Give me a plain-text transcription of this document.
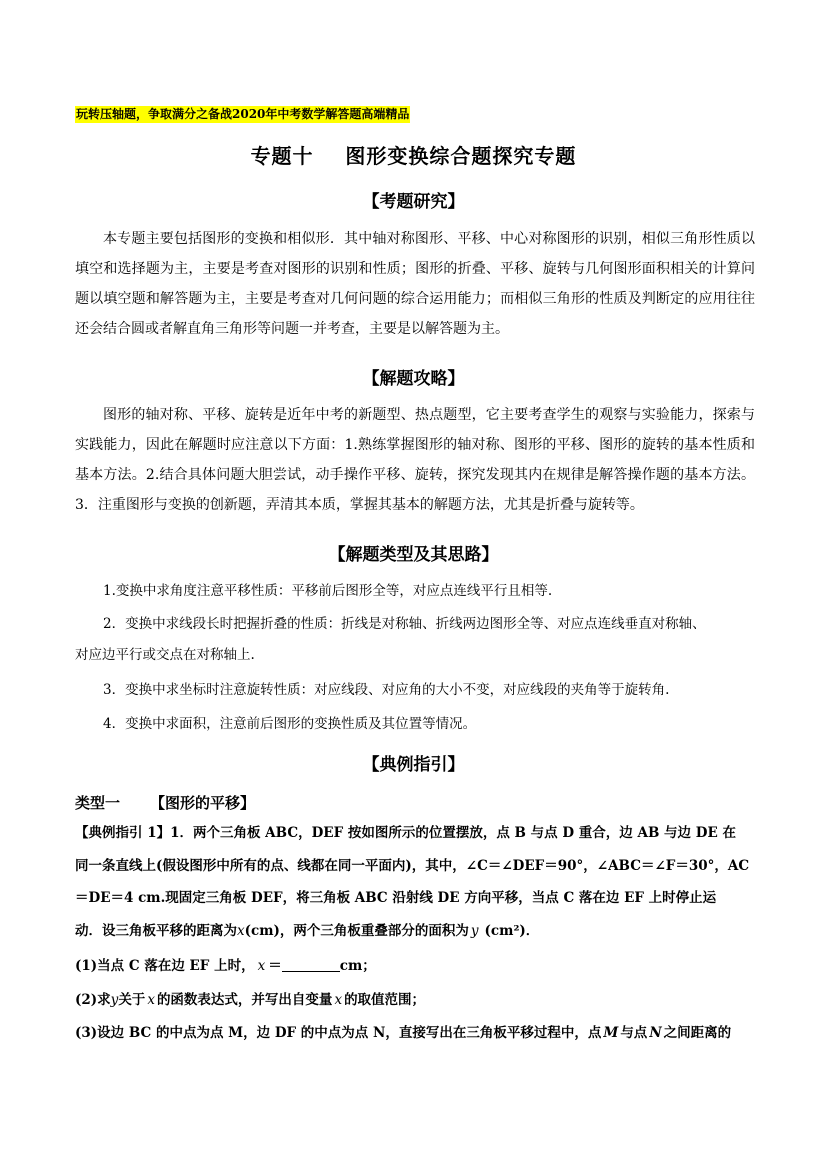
玩转压轴题，争取满分之备战2020年中考数学解答题高端精品
专题十    图形变换综合题探究专题
【考题研究】
本专题主要包括图形的变换和相似形．其中轴对称图形、平移、中心对称图形的识别，相似三角形性质以填空和选择题为主，主要是考查对图形的识别和性质；图形的折叠、平移、旋转与几何图形面积相关的计算问题以填空题和解答题为主，主要是考查对几何问题的综合运用能力；而相似三角形的性质及判断定的应用往往还会结合圆或者解直角三角形等问题一并考查，主要是以解答题为主。
【解题攻略】
图形的轴对称、平移、旋转是近年中考的新题型、热点题型，它主要考查学生的观察与实验能力，探索与实践能力，因此在解题时应注意以下方面：1.熟练掌握图形的轴对称、图形的平移、图形的旋转的基本性质和基本方法。2.结合具体问题大胆尝试，动手操作平移、旋转，探究发现其内在规律是解答操作题的基本方法。3．注重图形与变换的创新题，弄清其本质，掌握其基本的解题方法，尤其是折叠与旋转等。
【解题类型及其思路】
1.变换中求角度注意平移性质：平移前后图形全等，对应点连线平行且相等.
2．变换中求线段长时把握折叠的性质：折线是对称轴、折线两边图形全等、对应点连线垂直对称轴、
对应边平行或交点在对称轴上.
3．变换中求坐标时注意旋转性质：对应线段、对应角的大小不变，对应线段的夹角等于旋转角.
4．变换中求面积，注意前后图形的变换性质及其位置等情况。
【典例指引】
类型一 【图形的平移】
【典例指引 1】1．两个三角板 ABC，DEF 按如图所示的位置摆放，点 B 与点 D 重合，边 AB 与边 DE 在
同一条直线上(假设图形中所有的点、线都在同一平面内)，其中，∠C＝∠DEF＝90°，∠ABC＝∠F＝30°，AC
＝DE＝4 cm.现固定三角板 DEF，将三角板 ABC 沿射线 DE 方向平移，当点 C 落在边 EF 上时停止运
动．设三角板平移的距离为x(cm)，两个三角板重叠部分的面积为 y (cm²)．
(1)当点 C 落在边 EF 上时， x ＝	cm；
(2)求y关于 x 的函数表达式，并写出自变量 x 的取值范围；
(3)设边 BC 的中点为点 M，边 DF 的中点为点 N，直接写出在三角板平移过程中，点 M 与点 N 之间距离的
